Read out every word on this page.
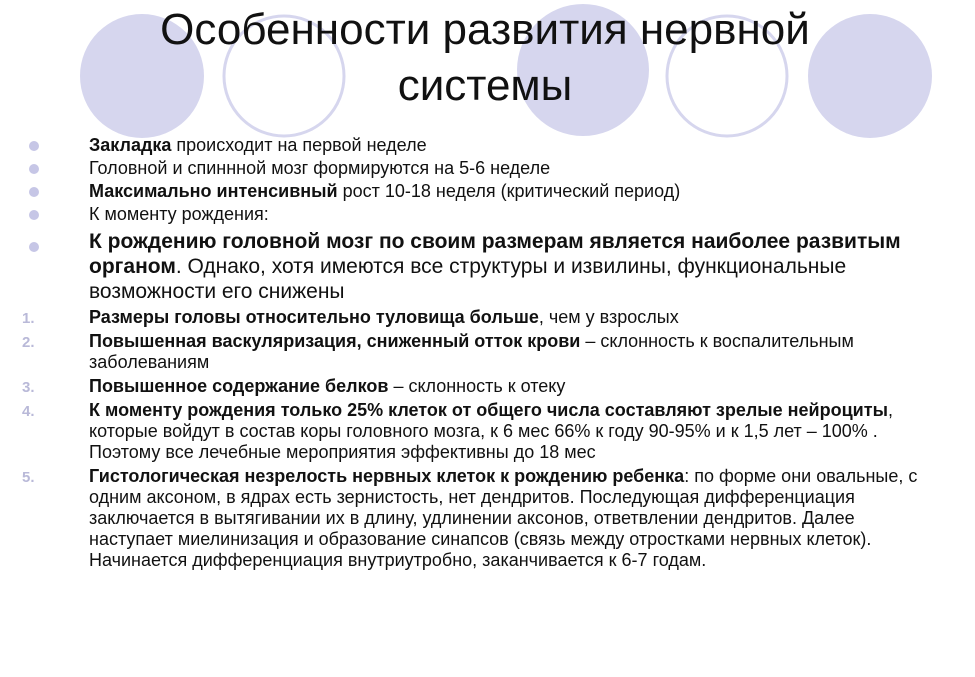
Особенности развития нервной системы
Закладка происходит на первой неделе
Головной и спиннной мозг формируются на 5-6 неделе
Максимально интенсивный рост 10-18 неделя (критический период)
К моменту рождения:
К рождению головной мозг по своим размерам является наиболее развитым органом. Однако, хотя имеются все структуры и извилины, функциональные возможности его снижены
1.	Размеры головы относительно туловища больше, чем у взрослых
2.	Повышенная васкуляризация, сниженный отток крови – склонность к воспалительным заболеваниям
3.	Повышенное содержание белков – склонность к отеку
4.	К моменту рождения только 25% клеток от общего числа составляют зрелые нейроциты, которые войдут в состав коры головного мозга, к 6 мес 66% к году 90-95% и к 1,5 лет – 100% . Поэтому все лечебные мероприятия эффективны до 18 мес
5.	Гистологическая незрелость нервных клеток к рождению ребенка: по форме они овальные, с одним аксоном, в ядрах есть зернистость, нет дендритов. Последующая дифференциация заключается в вытягивании их в длину, удлинении аксонов, ответвлении дендритов. Далее наступает миелинизация и образование синапсов (связь между отростками нервных клеток). Начинается дифференциация внутриутробно, заканчивается к 6-7 годам.
